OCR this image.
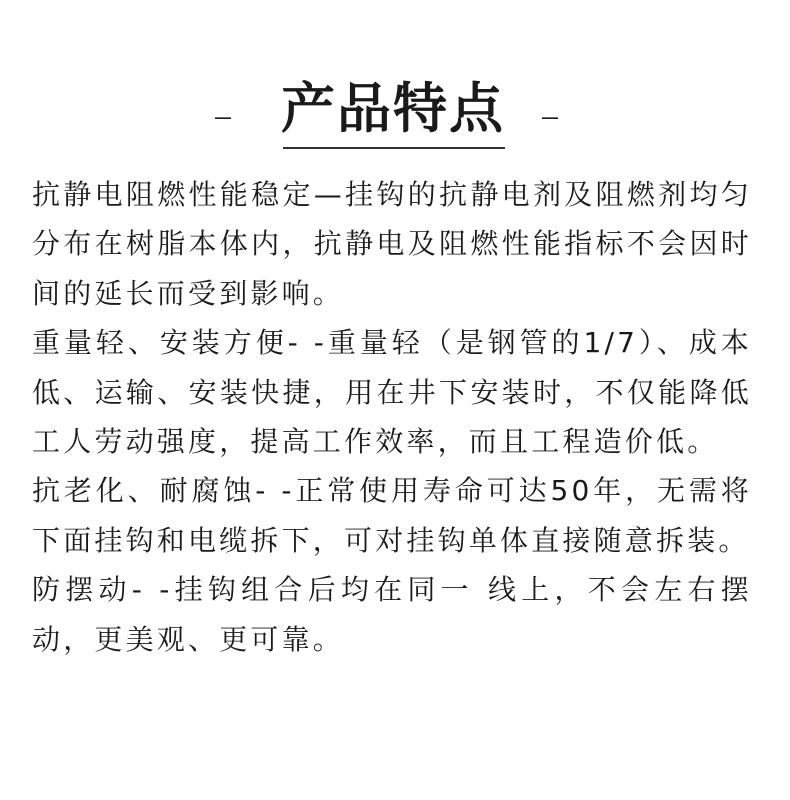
– 产品特点 –

抗静电阻燃性能稳定—挂钩的抗静电剂及阻燃剂均匀分布在树脂本体内，抗静电及阻燃性能指标不会因时间的延长而受到影响。

重量轻、安装方便- -重量轻（是钢管的1/7）、成本低、运输、安装快捷，用在井下安装时，不仅能降低工人劳动强度，提高工作效率，而且工程造价低。

抗老化、耐腐蚀- -正常使用寿命可达50年，无需将下面挂钩和电缆拆下，可对挂钩单体直接随意拆装。

防摆动- -挂钩组合后均在同一 线上，不会左右摆动，更美观、更可靠。
